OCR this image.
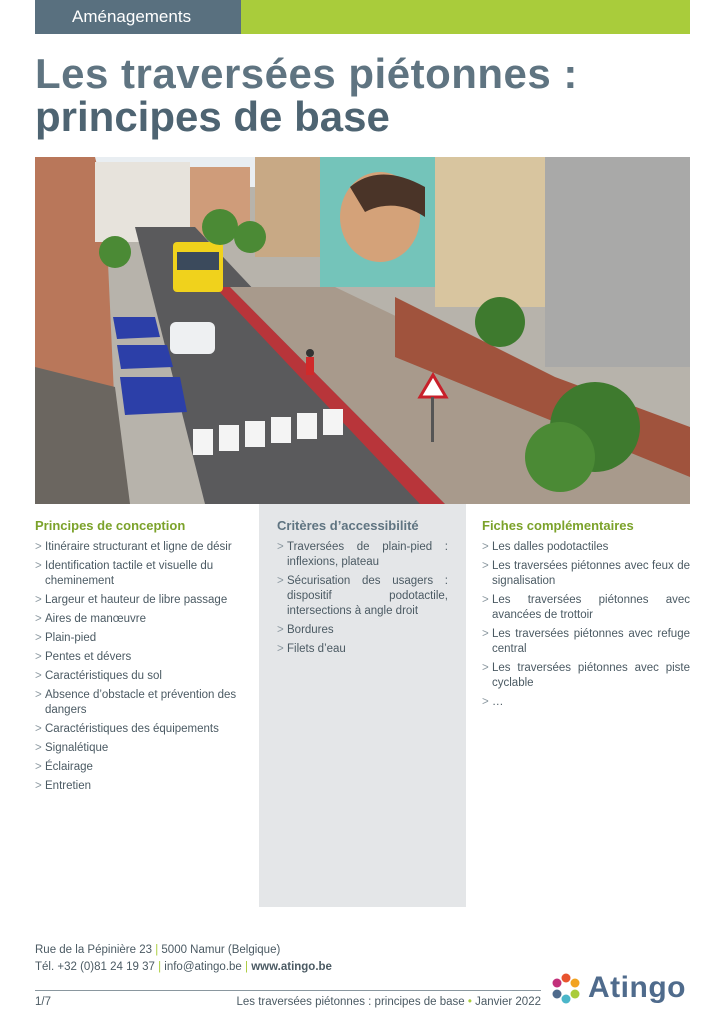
Aménagements
Les traversées piétonnes :
principes de base
Principes de conception
> Itinéraire structurant et ligne de désir
> Identification tactile et visuelle du cheminement
> Largeur et hauteur de libre passage
> Aires de manœuvre
> Plain-pied
> Pentes et dévers
> Caractéristiques du sol
> Absence d’obstacle et prévention des dangers
> Caractéristiques des équipements
> Signalétique
> Éclairage
> Entretien
Critères d’accessibilité
> Traversées de plain-pied : inflexions, plateau
> Sécurisation des usagers : dispositif podotactile, intersections à angle droit
> Bordures
> Filets d’eau
Fiches complémentaires
> Les dalles podotactiles
> Les traversées piétonnes avec feux de signalisation
> Les traversées piétonnes avec avancées de trottoir
> Les traversées piétonnes avec refuge central
> Les traversées piétonnes avec piste cyclable
> …
Rue de la Pépinière 23 | 5000 Namur (Belgique)
Tél. +32 (0)81 24 19 37 | info@atingo.be | www.atingo.be
Atingo
1/7	Les traversées piétonnes : principes de base • Janvier 2022
